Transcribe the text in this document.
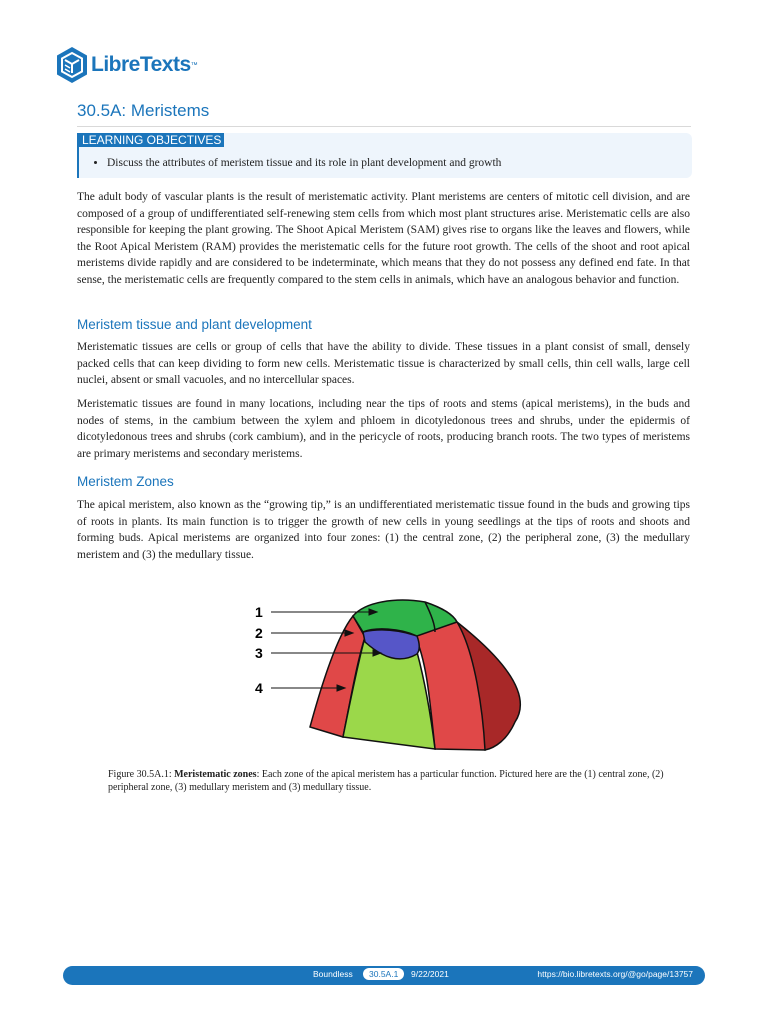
LibreTexts ™
30.5A: Meristems
LEARNING OBJECTIVES
• Discuss the attributes of meristem tissue and its role in plant development and growth

The adult body of vascular plants is the result of meristematic activity. Plant meristems are centers of mitotic cell division, and are composed of a group of undifferentiated self-renewing stem cells from which most plant structures arise. Meristematic cells are also responsible for keeping the plant growing. The Shoot Apical Meristem (SAM) gives rise to organs like the leaves and flowers, while the Root Apical Meristem (RAM) provides the meristematic cells for the future root growth. The cells of the shoot and root apical meristems divide rapidly and are considered to be indeterminate, which means that they do not possess any defined end fate. In that sense, the meristematic cells are frequently compared to the stem cells in animals, which have an analogous behavior and function.

Meristem tissue and plant development

Meristematic tissues are cells or group of cells that have the ability to divide. These tissues in a plant consist of small, densely packed cells that can keep dividing to form new cells. Meristematic tissue is characterized by small cells, thin cell walls, large cell nuclei, absent or small vacuoles, and no intercellular spaces.

Meristematic tissues are found in many locations, including near the tips of roots and stems (apical meristems), in the buds and nodes of stems, in the cambium between the xylem and phloem in dicotyledonous trees and shrubs, under the epidermis of dicotyledonous trees and shrubs (cork cambium), and in the pericycle of roots, producing branch roots. The two types of meristems are primary meristems and secondary meristems.

Meristem Zones

The apical meristem, also known as the “growing tip,” is an undifferentiated meristematic tissue found in the buds and growing tips of roots in plants. Its main function is to trigger the growth of new cells in young seedlings at the tips of roots and shoots and forming buds. Apical meristems are organized into four zones: (1) the central zone, (2) the peripheral zone, (3) the medullary meristem and (3) the medullary tissue.

1
2
3
4

Figure 30.5A.1: Meristematic zones: Each zone of the apical meristem has a particular function. Pictured here are the (1) central zone, (2) peripheral zone, (3) medullary meristem and (3) medullary tissue.

Boundless	30.5A.1	9/22/2021	https://bio.libretexts.org/@go/page/13757
